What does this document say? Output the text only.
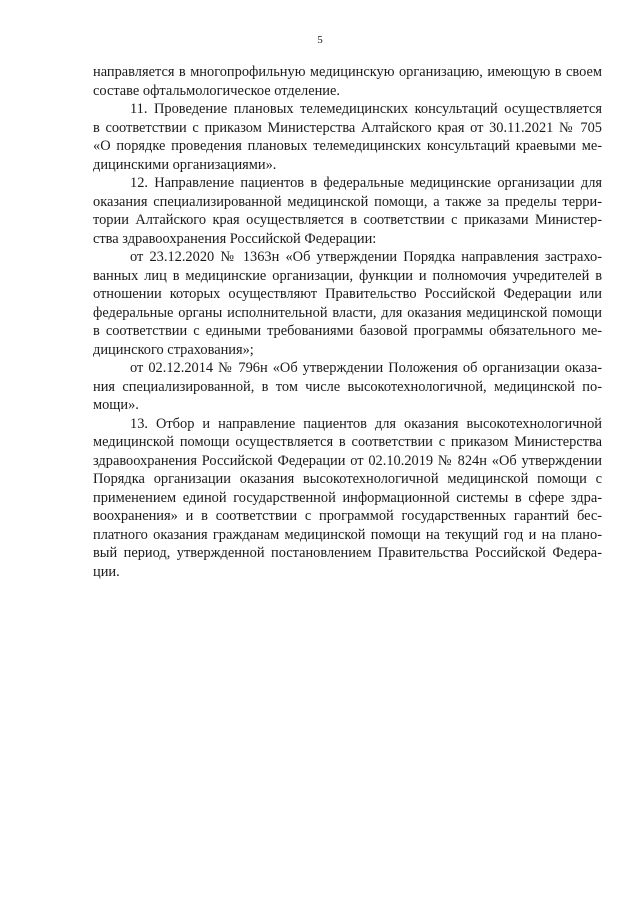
5
направляется в многопрофильную медицинскую организацию, имеющую в своем
составе офтальмологическое отделение.
11. Проведение плановых телемедицинских консультаций осуществляется
в соответствии с приказом Министерства Алтайского края от 30.11.2021 № 705
«О порядке проведения плановых телемедицинских консультаций краевыми ме-
дицинскими организациями».
12. Направление пациентов в федеральные медицинские организации для
оказания специализированной медицинской помощи, а также за пределы терри-
тории Алтайского края осуществляется в соответствии с приказами Министер-
ства здравоохранения Российской Федерации:
от 23.12.2020 № 1363н «Об утверждении Порядка направления застрахо-
ванных лиц в медицинские организации, функции и полномочия учредителей в
отношении которых осуществляют Правительство Российской Федерации или
федеральные органы исполнительной власти, для оказания медицинской помощи
в соответствии с едиными требованиями базовой программы обязательного ме-
дицинского страхования»;
от 02.12.2014 № 796н «Об утверждении Положения об организации оказа-
ния специализированной, в том числе высокотехнологичной, медицинской по-
мощи».
13. Отбор и направление пациентов для оказания высокотехнологичной
медицинской помощи осуществляется в соответствии с приказом Министерства
здравоохранения Российской Федерации от 02.10.2019 № 824н «Об утверждении
Порядка организации оказания высокотехнологичной медицинской помощи с
применением единой государственной информационной системы в сфере здра-
воохранения» и в соответствии с программой государственных гарантий бес-
платного оказания гражданам медицинской помощи на текущий год и на плано-
вый период, утвержденной постановлением Правительства Российской Федера-
ции.
